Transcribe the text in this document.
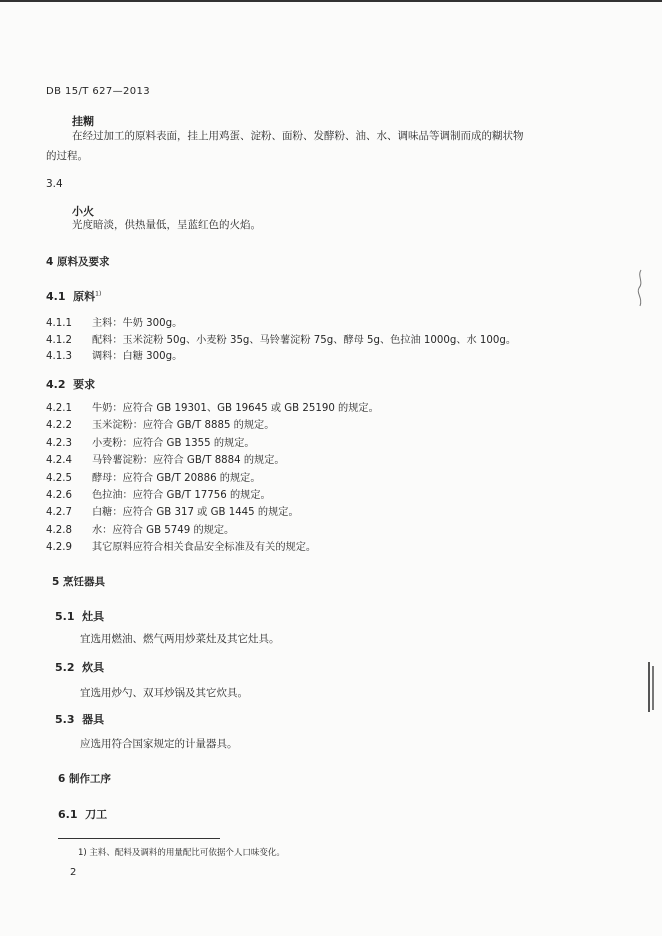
DB 15/T 627—2013
挂糊
在经过加工的原料表面，挂上用鸡蛋、淀粉、面粉、发酵粉、油、水、调味品等调制而成的糊状物
的过程。
3.4
小火
光度暗淡，供热量低，呈蓝红色的火焰。
4 原料及要求
4.1 原料$^{1)}$
4.1.1 主料：牛奶 300g。
4.1.2 配料：玉米淀粉 50g、小麦粉 35g、马铃薯淀粉 75g、酵母 5g、色拉油 1000g、水 100g。
4.1.3 调料：白糖 300g。
4.2 要求
4.2.1 牛奶：应符合 GB 19301、GB 19645 或 GB 25190 的规定。
4.2.2 玉米淀粉：应符合 GB/T 8885 的规定。
4.2.3 小麦粉：应符合 GB 1355 的规定。
4.2.4 马铃薯淀粉：应符合 GB/T 8884 的规定。
4.2.5 酵母：应符合 GB/T 20886 的规定。
4.2.6 色拉油：应符合 GB/T 17756 的规定。
4.2.7 白糖：应符合 GB 317 或 GB 1445 的规定。
4.2.8 水：应符合 GB 5749 的规定。
4.2.9 其它原料应符合相关食品安全标准及有关的规定。
5 烹饪器具
5.1 灶具
宜选用燃油、燃气两用炒菜灶及其它灶具。
5.2 炊具
宜选用炒勺、双耳炒锅及其它炊具。
5.3 器具
应选用符合国家规定的计量器具。
6 制作工序
6.1 刀工
1) 主料、配料及调料的用量配比可依据个人口味变化。
2
